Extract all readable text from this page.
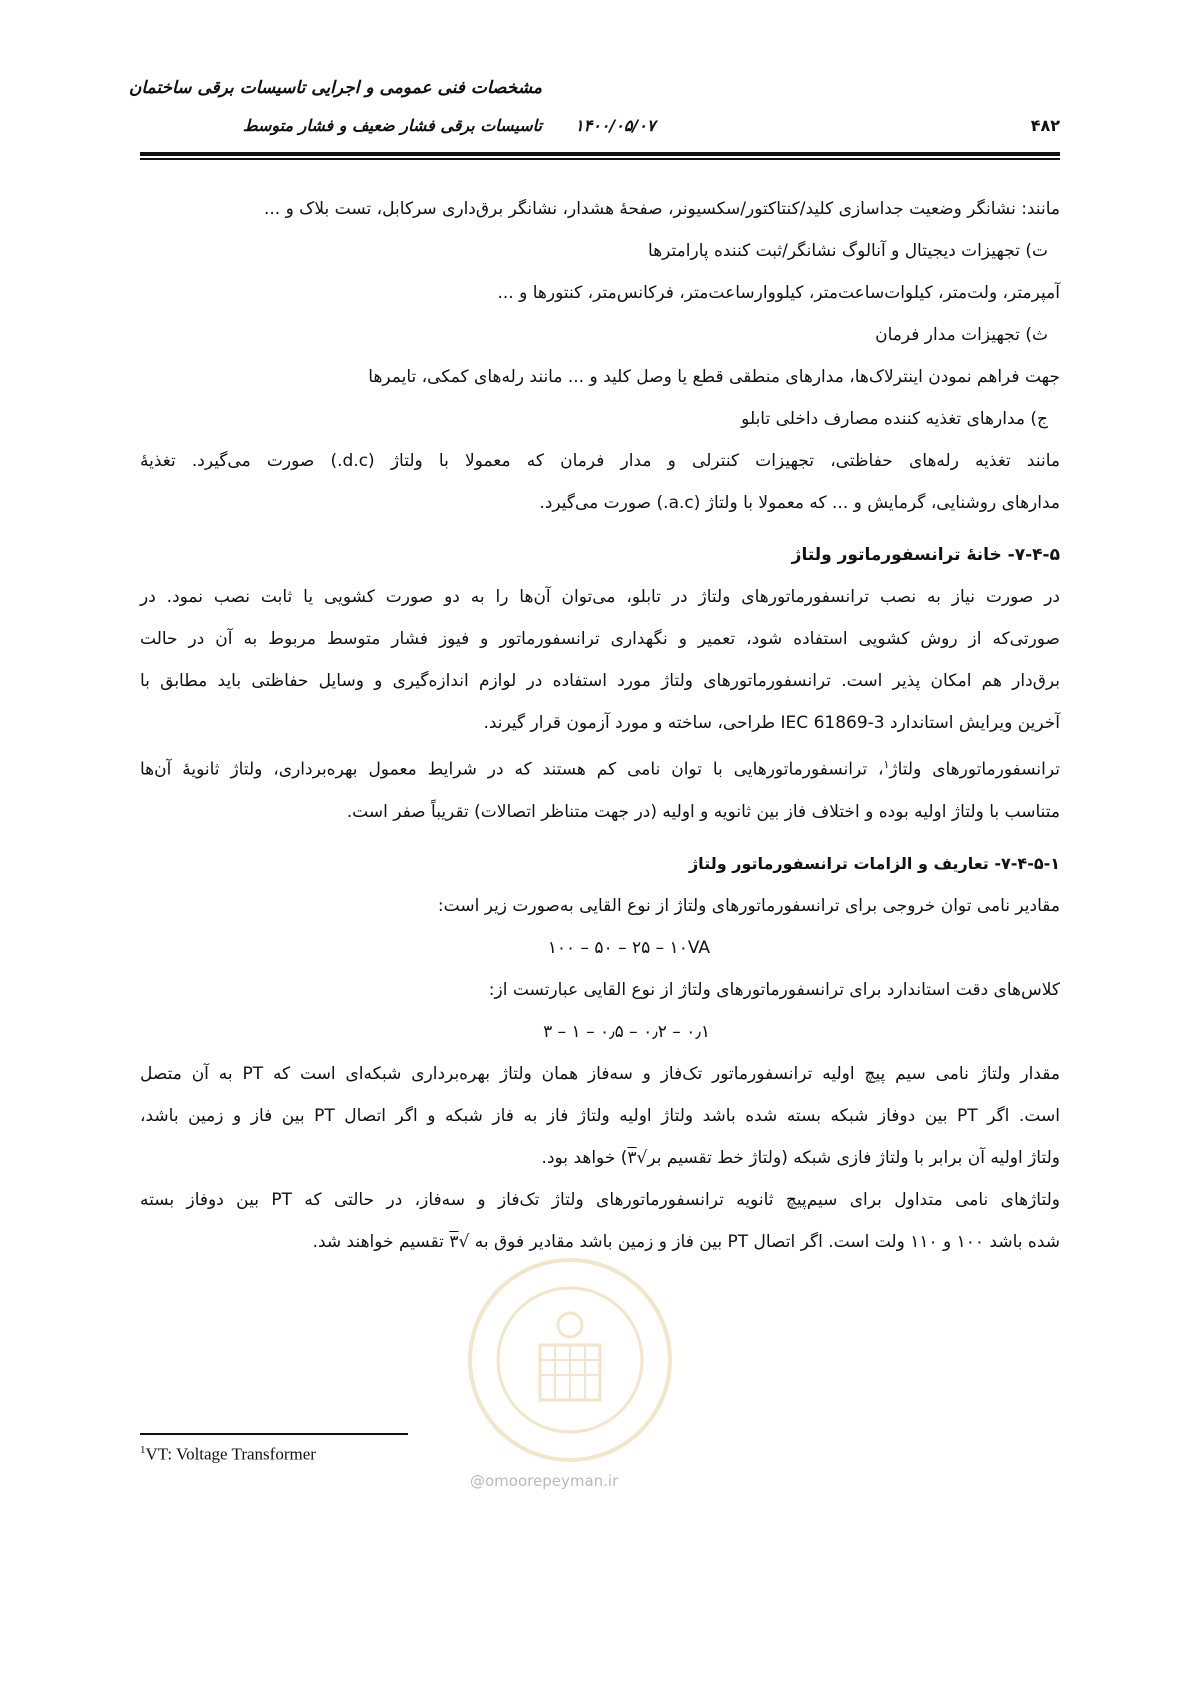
مشخصات فنی عمومی و اجرایی تاسیسات برقی ساختمان
تاسیسات برقی فشار ضعیف و فشار متوسط ۱۴۰۰/۰۵/۰۷	۴۸۲
مانند: نشانگر وضعیت جداسازی کلید/کنتاکتور/سکسیونر، صفحهٔ هشدار، نشانگر برق‌داری سرکابل، تست بلاک و ...
ت) تجهیزات دیجیتال و آنالوگ نشانگر/ثبت کننده پارامترها
آمپرمتر، ولت‌متر، کیلوات‌ساعت‌متر، کیلووارساعت‌متر، فرکانس‌متر، کنتورها و ...
ث) تجهیزات مدار فرمان
جهت فراهم نمودن اینترلاک‌ها، مدارهای منطقی قطع یا وصل کلید و ... مانند رله‌های کمکی، تایمرها
ج) مدارهای تغذیه کننده مصارف داخلی تابلو
مانند تغذیه رله‌های حفاظتی، تجهیزات کنترلی و مدار فرمان که معمولا با ولتاژ (d.c.) صورت می‌گیرد. تغذیهٔ
مدارهای روشنایی، گرمایش و ... که معمولا با ولتاژ (a.c.) صورت می‌گیرد.
۷-۴-۵- خانهٔ ترانسفورماتور ولتاژ
در صورت نیاز به نصب ترانسفورماتورهای ولتاژ در تابلو، می‌توان آن‌ها را به دو صورت کشویی یا ثابت نصب نمود. در
صورتی‌که از روش کشویی استفاده شود، تعمیر و نگهداری ترانسفورماتور و فیوز فشار متوسط مربوط به آن در حالت
برق‌دار هم امکان پذیر است. ترانسفورماتورهای ولتاژ مورد استفاده در لوازم اندازه‌گیری و وسایل حفاظتی باید مطابق با
آخرین ویرایش استاندارد IEC 61869-3 طراحی، ساخته و مورد آزمون قرار گیرند.
ترانسفورماتورهای ولتاژ$^۱$، ترانسفورماتورهایی با توان نامی کم هستند که در شرایط معمول بهره‌برداری، ولتاژ ثانویهٔ آن‌ها
متناسب با ولتاژ اولیه بوده و اختلاف فاز بین ثانویه و اولیه (در جهت متناظر اتصالات) تقریباً صفر است.
۷-۴-۵-۱- تعاریف و الزامات ترانسفورماتور ولتاژ
مقادیر نامی توان خروجی برای ترانسفورماتورهای ولتاژ از نوع القایی به‌صورت زیر است:
۱۰۰ – ۵۰ – ۲۵ – ۱۰VA
کلاس‌های دقت استاندارد برای ترانسفورماتورهای ولتاژ از نوع القایی عبارتست از:
۳ – ۱ – ۰٫۵ – ۰٫۲ – ۰٫۱
مقدار ولتاژ نامی سیم پیچ اولیه ترانسفورماتور تک‌فاز و سه‌فاز همان ولتاژ بهره‌برداری شبکه‌ای است که PT به آن متصل
است. اگر PT بین دوفاز شبکه بسته شده باشد ولتاژ اولیه ولتاژ فاز به فاز شبکه و اگر اتصال PT بین فاز و زمین باشد،
ولتاژ اولیه آن برابر با ولتاژ فازی شبکه (ولتاژ خط تقسیم بر√۳) خواهد بود.
ولتاژهای نامی متداول برای سیم‌پیچ ثانویه ترانسفورماتورهای ولتاژ تک‌فاز و سه‌فاز، در حالتی که PT بین دوفاز بسته
شده باشد ۱۰۰ و ۱۱۰ ولت است. اگر اتصال PT بین فاز و زمین باشد مقادیر فوق به √۳ تقسیم خواهند شد.
@omoorepeyman.ir
$^1$VT: Voltage Transformer
